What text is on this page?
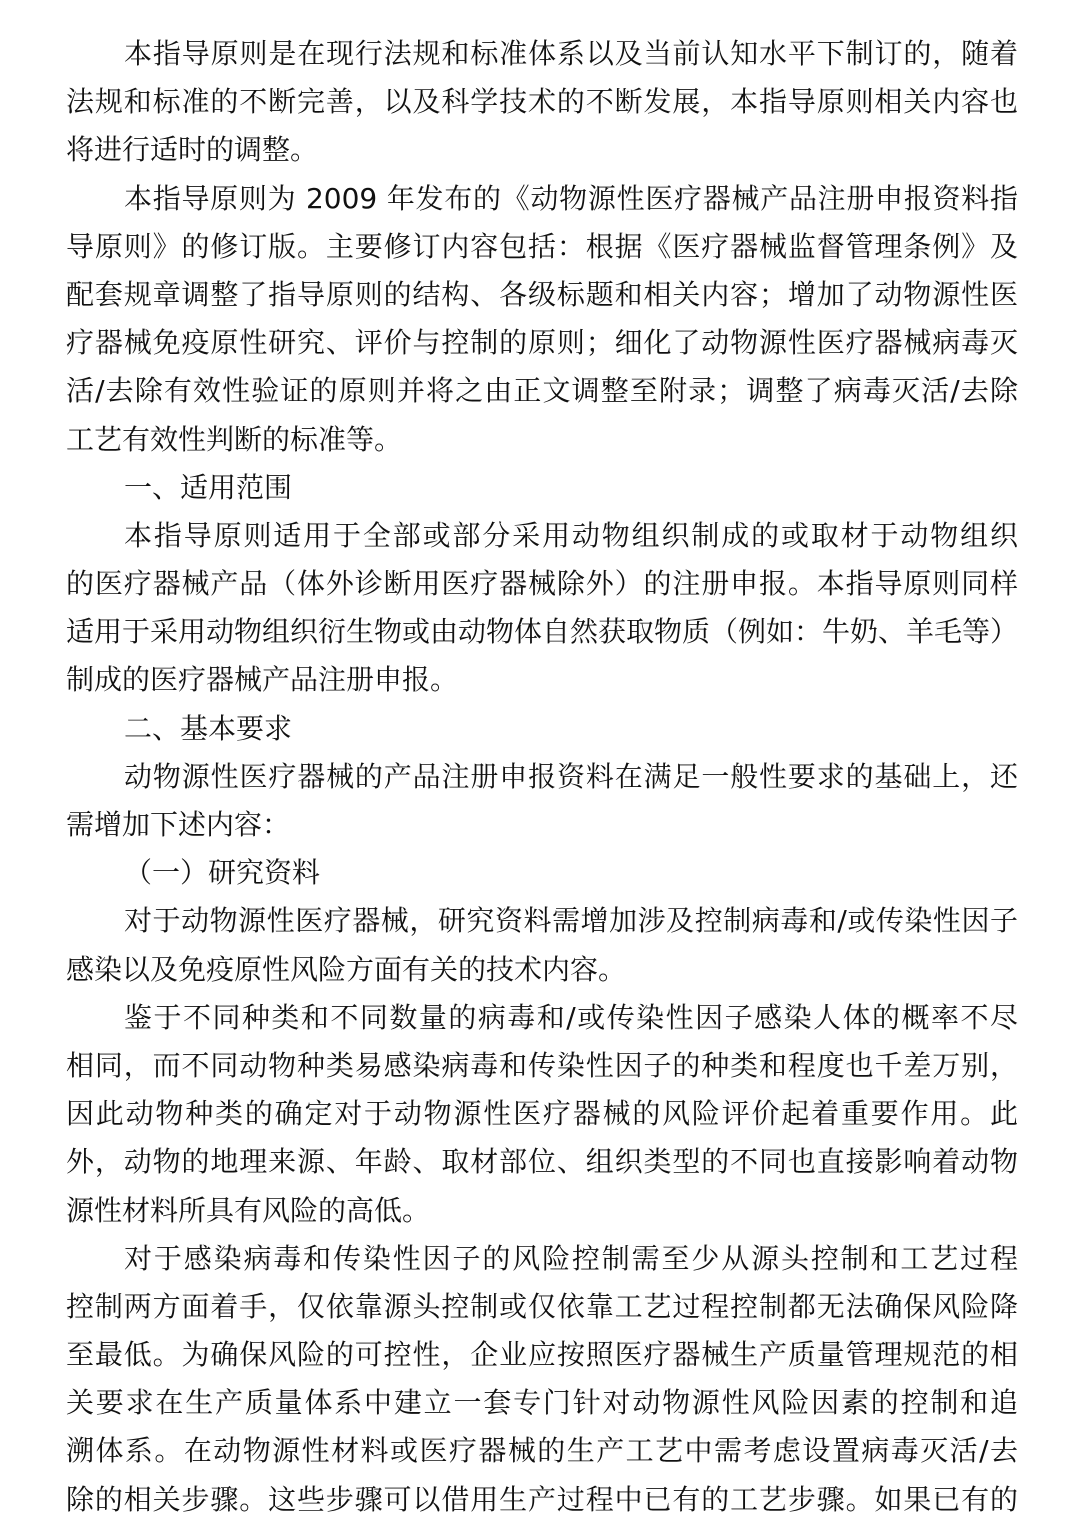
本指导原则是在现行法规和标准体系以及当前认知水平下制订的，随着
法规和标准的不断完善，以及科学技术的不断发展，本指导原则相关内容也
将进行适时的调整。
本指导原则为 2009 年发布的《动物源性医疗器械产品注册申报资料指
导原则》的修订版。主要修订内容包括：根据《医疗器械监督管理条例》及
配套规章调整了指导原则的结构、各级标题和相关内容；增加了动物源性医
疗器械免疫原性研究、评价与控制的原则；细化了动物源性医疗器械病毒灭
活/去除有效性验证的原则并将之由正文调整至附录；调整了病毒灭活/去除
工艺有效性判断的标准等。
一、适用范围
本指导原则适用于全部或部分采用动物组织制成的或取材于动物组织
的医疗器械产品（体外诊断用医疗器械除外）的注册申报。本指导原则同样
适用于采用动物组织衍生物或由动物体自然获取物质（例如：牛奶、羊毛等）
制成的医疗器械产品注册申报。
二、基本要求
动物源性医疗器械的产品注册申报资料在满足一般性要求的基础上，还
需增加下述内容：
（一）研究资料
对于动物源性医疗器械，研究资料需增加涉及控制病毒和/或传染性因子
感染以及免疫原性风险方面有关的技术内容。
鉴于不同种类和不同数量的病毒和/或传染性因子感染人体的概率不尽
相同，而不同动物种类易感染病毒和传染性因子的种类和程度也千差万别，
因此动物种类的确定对于动物源性医疗器械的风险评价起着重要作用。此
外，动物的地理来源、年龄、取材部位、组织类型的不同也直接影响着动物
源性材料所具有风险的高低。
对于感染病毒和传染性因子的风险控制需至少从源头控制和工艺过程
控制两方面着手，仅依靠源头控制或仅依靠工艺过程控制都无法确保风险降
至最低。为确保风险的可控性，企业应按照医疗器械生产质量管理规范的相
关要求在生产质量体系中建立一套专门针对动物源性风险因素的控制和追
溯体系。在动物源性材料或医疗器械的生产工艺中需考虑设置病毒灭活/去
除的相关步骤。这些步骤可以借用生产过程中已有的工艺步骤。如果已有的
